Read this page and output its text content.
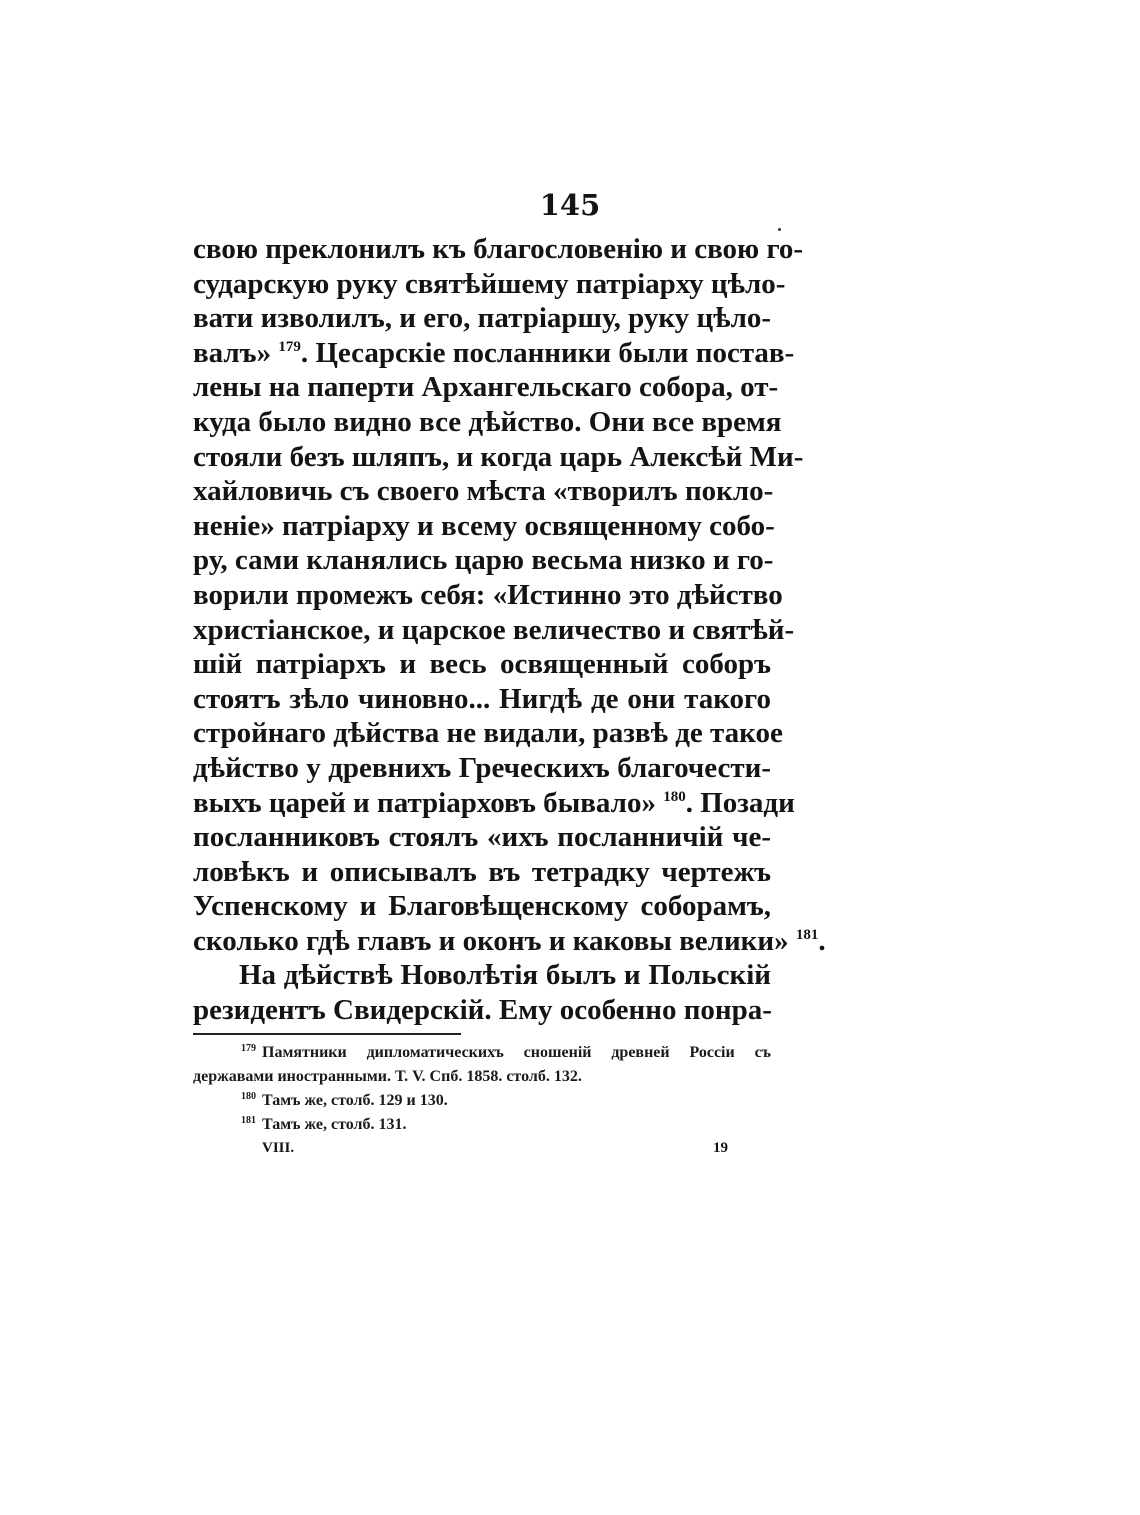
145
свою преклонилъ къ благословенію и свою го-
сударскую руку святѣйшему патріарху цѣло-
вати изволилъ, и его, патріаршу, руку цѣло-
валъ» $^{179}$. Цесарскіе посланники были постав-
лены на паперти Архангельскаго собора, от-
куда было видно все дѣйство. Они все время
стояли безъ шляпъ, и когда царь Алексѣй Ми-
хайловичь съ своего мѣста «творилъ покло-
неніе» патріарху и всему освященному собо-
ру, сами кланялись царю весьма низко и го-
ворили промежъ себя: «Истинно это дѣйство
христіанское, и царское величество и святѣй-
шій патріархъ и весь освященный соборъ
стоятъ зѣло чиновно... Нигдѣ де они такого
стройнаго дѣйства не видали, развѣ де такое
дѣйство у древнихъ Греческихъ благочести-
выхъ царей и патріарховъ бывало» $^{180}$. Позади
посланниковъ стоялъ «ихъ посланничій че-
ловѣкъ и описывалъ въ тетрадку чертежъ
Успенскому и Благовѣщенскому соборамъ,
сколько гдѣ главъ и оконъ и каковы велики» $^{181}$.
На дѣйствѣ Новолѣтія былъ и Польскій
резидентъ Свидерскій. Ему особенно понра-
$^{179}$ Памятники дипломатическихъ сношеній древней Россіи съ
державами иностранными. Т. V. Спб. 1858. столб. 132.
$^{180}$ Тамъ же, столб. 129 и 130.
$^{181}$ Тамъ же, столб. 131.
VIII.	19
